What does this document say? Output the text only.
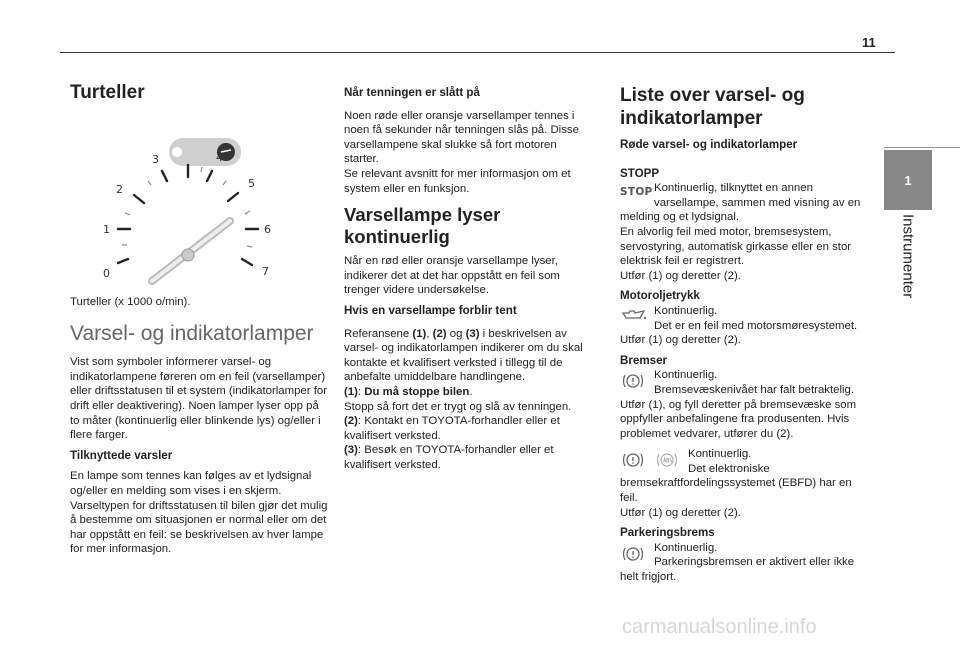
11
1
Instrumenter
Turteller
0
1
2
3	4
5
6
7

Turteller (x 1000 o/min).

Varsel- og indikatorlamper

Vist som symboler informerer varsel- og indikatorlampene føreren om en feil (varsellamper) eller driftsstatusen til et system (indikatorlamper for drift eller deaktivering). Noen lamper lyser opp på to måter (kontinuerlig eller blinkende lys) og/eller i flere farger.

Tilknyttede varsler

En lampe som tennes kan følges av et lydsignal og/eller en melding som vises i en skjerm. Varseltypen for driftsstatusen til bilen gjør det mulig å bestemme om situasjonen er normal eller om det har oppstått en feil: se beskrivelsen av hver lampe for mer informasjon.

Når tenningen er slått på

Noen røde eller oransje varsellamper tennes i noen få sekunder når tenningen slås på. Disse varsellampene skal slukke så fort motoren starter.

Se relevant avsnitt for mer informasjon om et system eller en funksjon.

Varsellampe lyser kontinuerlig

Når en rød eller oransje varsellampe lyser, indikerer det at det har oppstått en feil som trenger videre undersøkelse.

Hvis en varsellampe forblir tent

Referansene (1), (2) og (3) i beskrivelsen av varsel- og indikatorlampen indikerer om du skal kontakte et kvalifisert verksted i tillegg til de anbefalte umiddelbare handlingene.

(1): Du må stoppe bilen.

Stopp så fort det er trygt og slå av tenningen.

(2): Kontakt en TOYOTA-forhandler eller et kvalifisert verksted.

(3): Besøk en TOYOTA-forhandler eller et kvalifisert verksted.

Liste over varsel- og indikatorlamper
Røde varsel- og indikatorlamper
STOPP
STOP Kontinuerlig, tilknyttet en annen varsellampe, sammen med visning av en

melding og et lydsignal.

En alvorlig feil med motor, bremsesystem, servostyring, automatisk girkasse eller en stor elektrisk feil er registrert.

Utfør (1) og deretter (2).

Motoroljetrykk
Kontinuerlig.
Det er en feil med motorsmøresystemet.

Utfør (1) og deretter (2).

Bremser
Kontinuerlig.
Bremsevæskenivået har falt betraktelig.

Utfør (1), og fyll deretter på bremsevæske som oppfyller anbefalingene fra produsenten. Hvis problemet vedvarer, utfører du (2).

Kontinuerlig.
Det elektroniske

bremsekraftfordelingssystemet (EBFD) har en feil.

Utfør (1) og deretter (2).

Parkeringsbrems
Kontinuerlig.
Parkeringsbremsen er aktivert eller ikke

helt frigjort.

carmanualsonline.info
